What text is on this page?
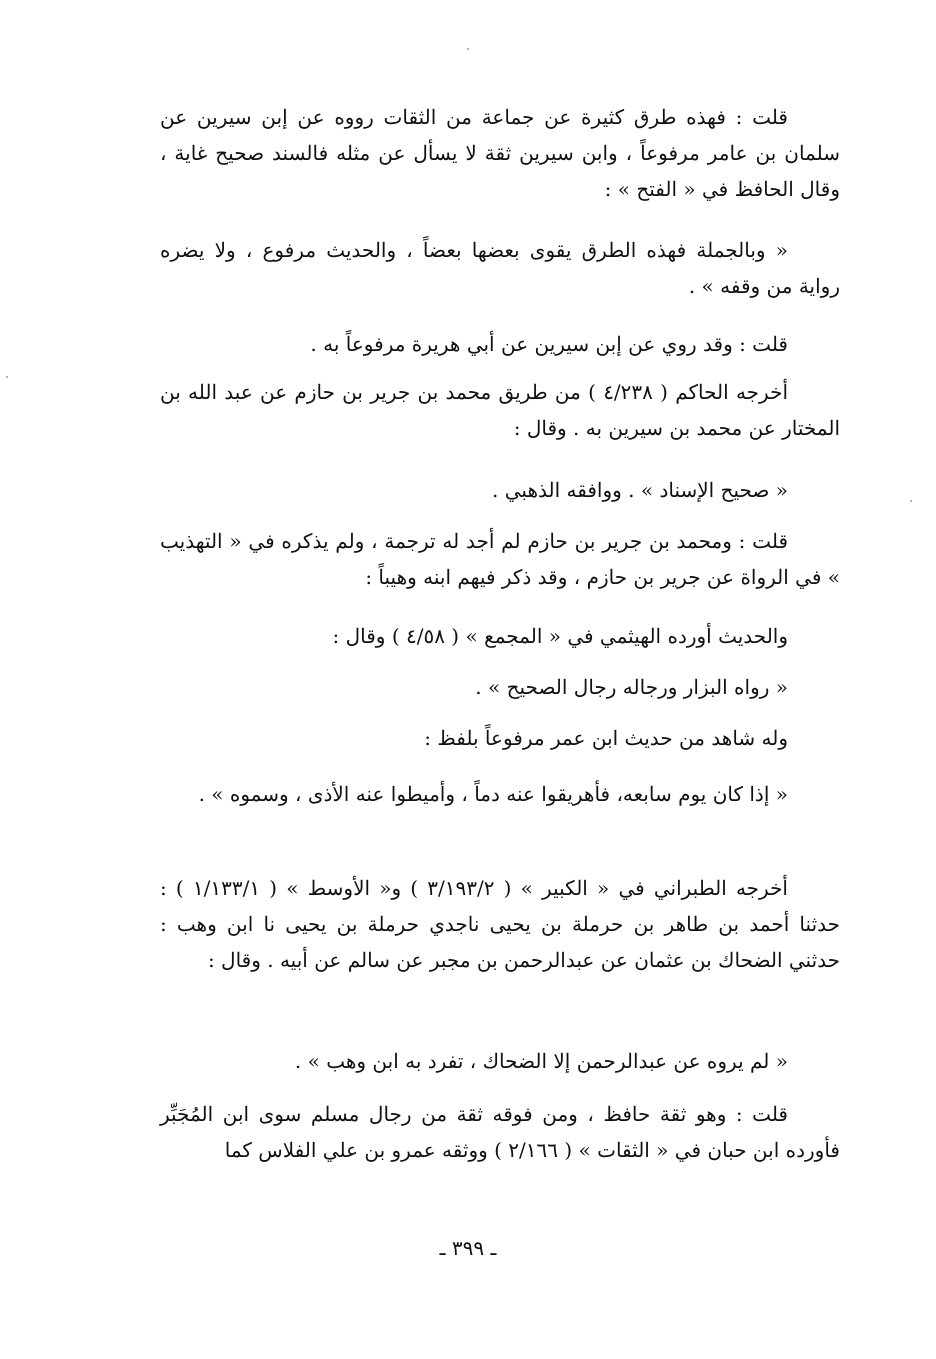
قلت : فهذه طرق كثيرة عن جماعة من الثقات رووه عن إبن سيرين عن سلمان بن عامر مرفوعاً ، وابن سيرين ثقة لا يسأل عن مثله فالسند صحيح غاية ، وقال الحافظ في « الفتح » :

« وبالجملة فهذه الطرق يقوى بعضها بعضاً ، والحديث مرفوع ، ولا يضره رواية من وقفه » .

قلت : وقد روي عن إبن سيرين عن أبي هريرة مرفوعاً به .

أخرجه الحاكم ( ٤/٢٣٨ ) من طريق محمد بن جرير بن حازم عن عبد الله بن المختار عن محمد بن سيرين به . وقال :

« صحيح الإسناد » . ووافقه الذهبي .

قلت : ومحمد بن جرير بن حازم لم أجد له ترجمة ، ولم يذكره في « التهذيب » في الرواة عن جرير بن حازم ، وقد ذكر فيهم ابنه وهيباً :

والحديث أورده الهيثمي في « المجمع » ( ٤/٥٨ ) وقال :

« رواه البزار ورجاله رجال الصحيح » .

وله شاهد من حديث ابن عمر مرفوعاً بلفظ :

« إذا كان يوم سابعه، فأهريقوا عنه دماً ، وأميطوا عنه الأذى ، وسموه » .

أخرجه الطبراني في « الكبير » ( ٣/١٩٣/٢ ) و« الأوسط » ( ١/١٣٣/١ ) : حدثنا أحمد بن طاهر بن حرملة بن يحيى ناجدي حرملة بن يحيى نا ابن وهب : حدثني الضحاك بن عثمان عن عبدالرحمن بن مجبر عن سالم عن أبيه . وقال :

« لم يروه عن عبدالرحمن إلا الضحاك ، تفرد به ابن وهب » .

قلت : وهو ثقة حافظ ، ومن فوقه ثقة من رجال مسلم سوى ابن المُجَبِّر فأورده ابن حبان في « الثقات » ( ٢/١٦٦ ) ووثقه عمرو بن علي الفلاس كما

ـ ٣٩٩ ـ
